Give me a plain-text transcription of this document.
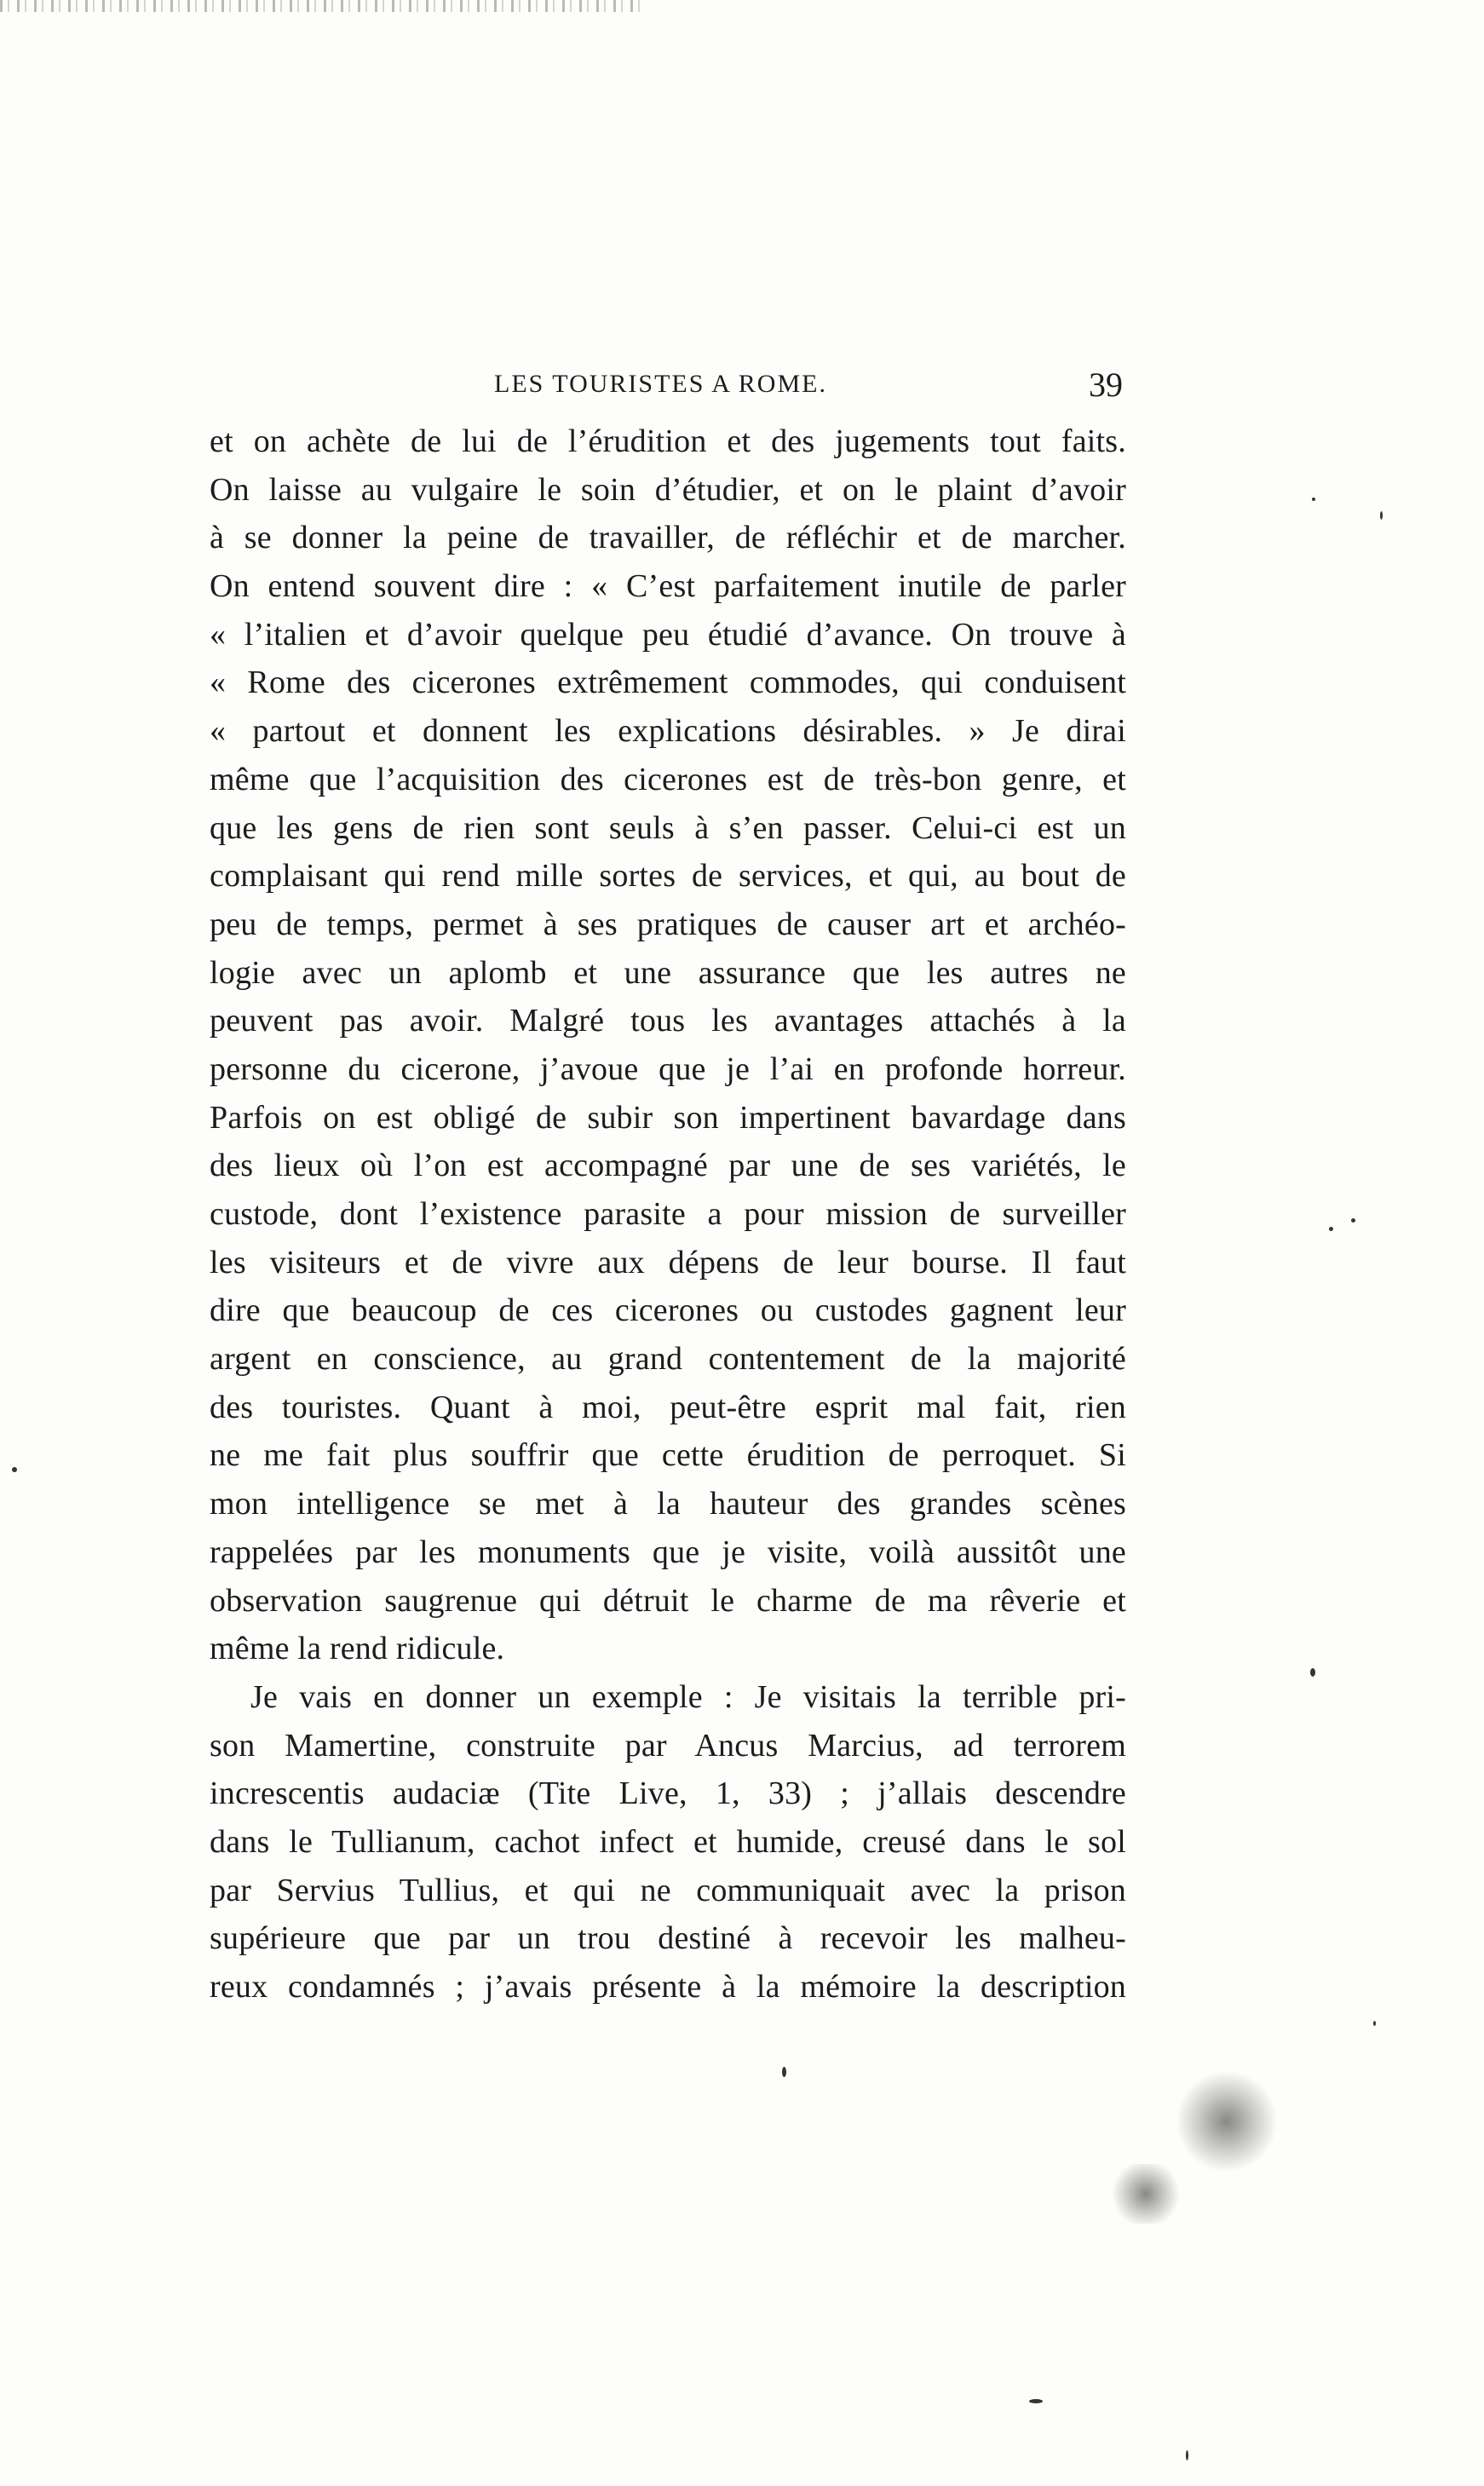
LES TOURISTES A ROME.	39
et on achète de lui de l’érudition et des jugements tout faits.
On laisse au vulgaire le soin d’étudier, et on le plaint d’avoir
à se donner la peine de travailler, de réfléchir et de marcher.
On entend souvent dire : « C’est parfaitement inutile de parler
« l’italien et d’avoir quelque peu étudié d’avance. On trouve à
« Rome des cicerones extrêmement commodes, qui conduisent
« partout et donnent les explications désirables. » Je dirai
même que l’acquisition des cicerones est de très-bon genre, et
que les gens de rien sont seuls à s’en passer. Celui-ci est un
complaisant qui rend mille sortes de services, et qui, au bout de
peu de temps, permet à ses pratiques de causer art et archéo-
logie avec un aplomb et une assurance que les autres ne
peuvent pas avoir. Malgré tous les avantages attachés à la
personne du cicerone, j’avoue que je l’ai en profonde horreur.
Parfois on est obligé de subir son impertinent bavardage dans
des lieux où l’on est accompagné par une de ses variétés, le
custode, dont l’existence parasite a pour mission de surveiller
les visiteurs et de vivre aux dépens de leur bourse. Il faut
dire que beaucoup de ces cicerones ou custodes gagnent leur
argent en conscience, au grand contentement de la majorité
des touristes. Quant à moi, peut-être esprit mal fait, rien
ne me fait plus souffrir que cette érudition de perroquet. Si
mon intelligence se met à la hauteur des grandes scènes
rappelées par les monuments que je visite, voilà aussitôt une
observation saugrenue qui détruit le charme de ma rêverie et
même la rend ridicule.
Je vais en donner un exemple : Je visitais la terrible pri-
son Mamertine, construite par Ancus Marcius, ad terrorem
increscentis audaciæ (Tite Live, 1, 33) ; j’allais descendre
dans le Tullianum, cachot infect et humide, creusé dans le sol
par Servius Tullius, et qui ne communiquait avec la prison
supérieure que par un trou destiné à recevoir les malheu-
reux condamnés ; j’avais présente à la mémoire la description
